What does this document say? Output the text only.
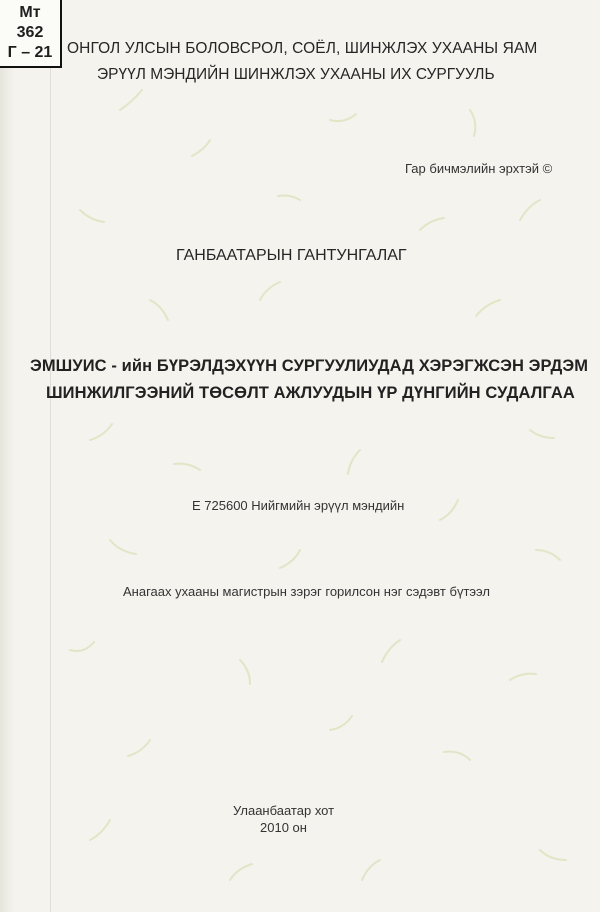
Мт
362
Г – 21 ОНГОЛ УЛСЫН БОЛОВСРОЛ, СОЁЛ, ШИНЖЛЭХ УХААНЫ ЯАМ
ЭРҮҮЛ МЭНДИЙН ШИНЖЛЭХ УХААНЫ ИХ СУРГУУЛЬ
Гар бичмэлийн эрхтэй ©
ГАНБААТАРЫН ГАНТУНГАЛАГ
ЭМШУИС - ийн БҮРЭЛДЭХҮҮН СУРГУУЛИУДАД ХЭРЭГЖСЭН ЭРДЭМ
ШИНЖИЛГЭЭНИЙ ТӨСӨЛТ АЖЛУУДЫН ҮР ДҮНГИЙН СУДАЛГАА
Е 725600 Нийгмийн эрүүл мэндийн
Анагаах ухааны магистрын зэрэг горилсон нэг сэдэвт бүтээл
Улаанбаатар хот
2010 он
